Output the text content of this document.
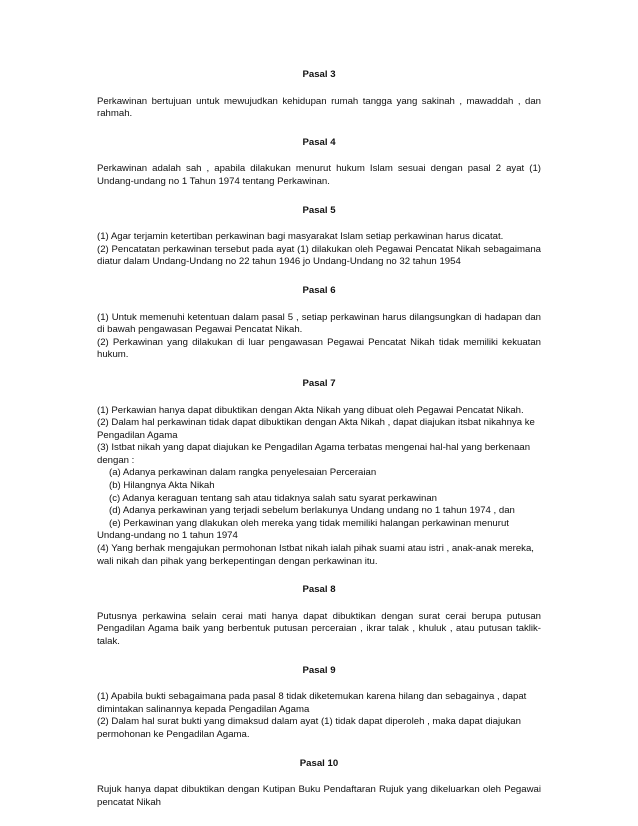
Pasal 3

Perkawinan bertujuan untuk mewujudkan kehidupan rumah tangga yang sakinah , mawaddah , dan rahmah.

Pasal 4

Perkawinan adalah sah , apabila dilakukan menurut hukum Islam sesuai dengan pasal 2 ayat (1) Undang-undang no 1 Tahun 1974 tentang Perkawinan.

Pasal 5

(1) Agar terjamin ketertiban perkawinan bagi masyarakat Islam setiap perkawinan harus dicatat.

(2) Pencatatan perkawinan tersebut pada ayat (1) dilakukan oleh Pegawai Pencatat Nikah sebagaimana diatur dalam Undang-Undang no 22 tahun 1946 jo Undang-Undang no 32 tahun 1954

Pasal 6

(1) Untuk memenuhi ketentuan dalam pasal 5 , setiap perkawinan harus dilangsungkan di hadapan dan di bawah pengawasan Pegawai Pencatat Nikah.

(2) Perkawinan yang dilakukan di luar pengawasan Pegawai Pencatat Nikah tidak memiliki kekuatan hukum.

Pasal 7

(1) Perkawian hanya dapat dibuktikan dengan Akta Nikah yang dibuat oleh Pegawai Pencatat Nikah.

(2) Dalam hal perkawinan tidak dapat dibuktikan dengan Akta Nikah , dapat diajukan itsbat nikahnya ke Pengadilan Agama

(3) Istbat nikah yang dapat diajukan ke Pengadilan Agama terbatas mengenai hal-hal yang berkenaan dengan :

(a) Adanya perkawinan dalam rangka penyelesaian Perceraian

(b) Hilangnya Akta Nikah

(c) Adanya keraguan tentang sah atau tidaknya salah satu syarat perkawinan

(d) Adanya perkawinan yang terjadi sebelum berlakunya Undang undang no 1 tahun 1974 , dan

(e) Perkawinan yang dlakukan oleh mereka yang tidak memiliki halangan perkawinan menurut Undang-undang no 1 tahun 1974

(4) Yang berhak mengajukan permohonan Istbat nikah ialah pihak suami atau istri , anak-anak mereka, wali nikah dan pihak yang berkepentingan dengan perkawinan itu.

Pasal 8

Putusnya perkawina selain cerai mati hanya dapat dibuktikan dengan surat cerai berupa putusan Pengadilan Agama baik yang berbentuk putusan perceraian , ikrar talak , khuluk , atau putusan taklik-talak.

Pasal 9

(1) Apabila bukti sebagaimana pada pasal 8 tidak diketemukan karena hilang dan sebagainya , dapat dimintakan salinannya kepada Pengadilan Agama

(2) Dalam hal surat bukti yang dimaksud dalam ayat (1) tidak dapat diperoleh , maka dapat diajukan permohonan ke Pengadilan Agama.

Pasal 10

Rujuk hanya dapat dibuktikan dengan Kutipan Buku Pendaftaran Rujuk yang dikeluarkan oleh Pegawai pencatat Nikah
